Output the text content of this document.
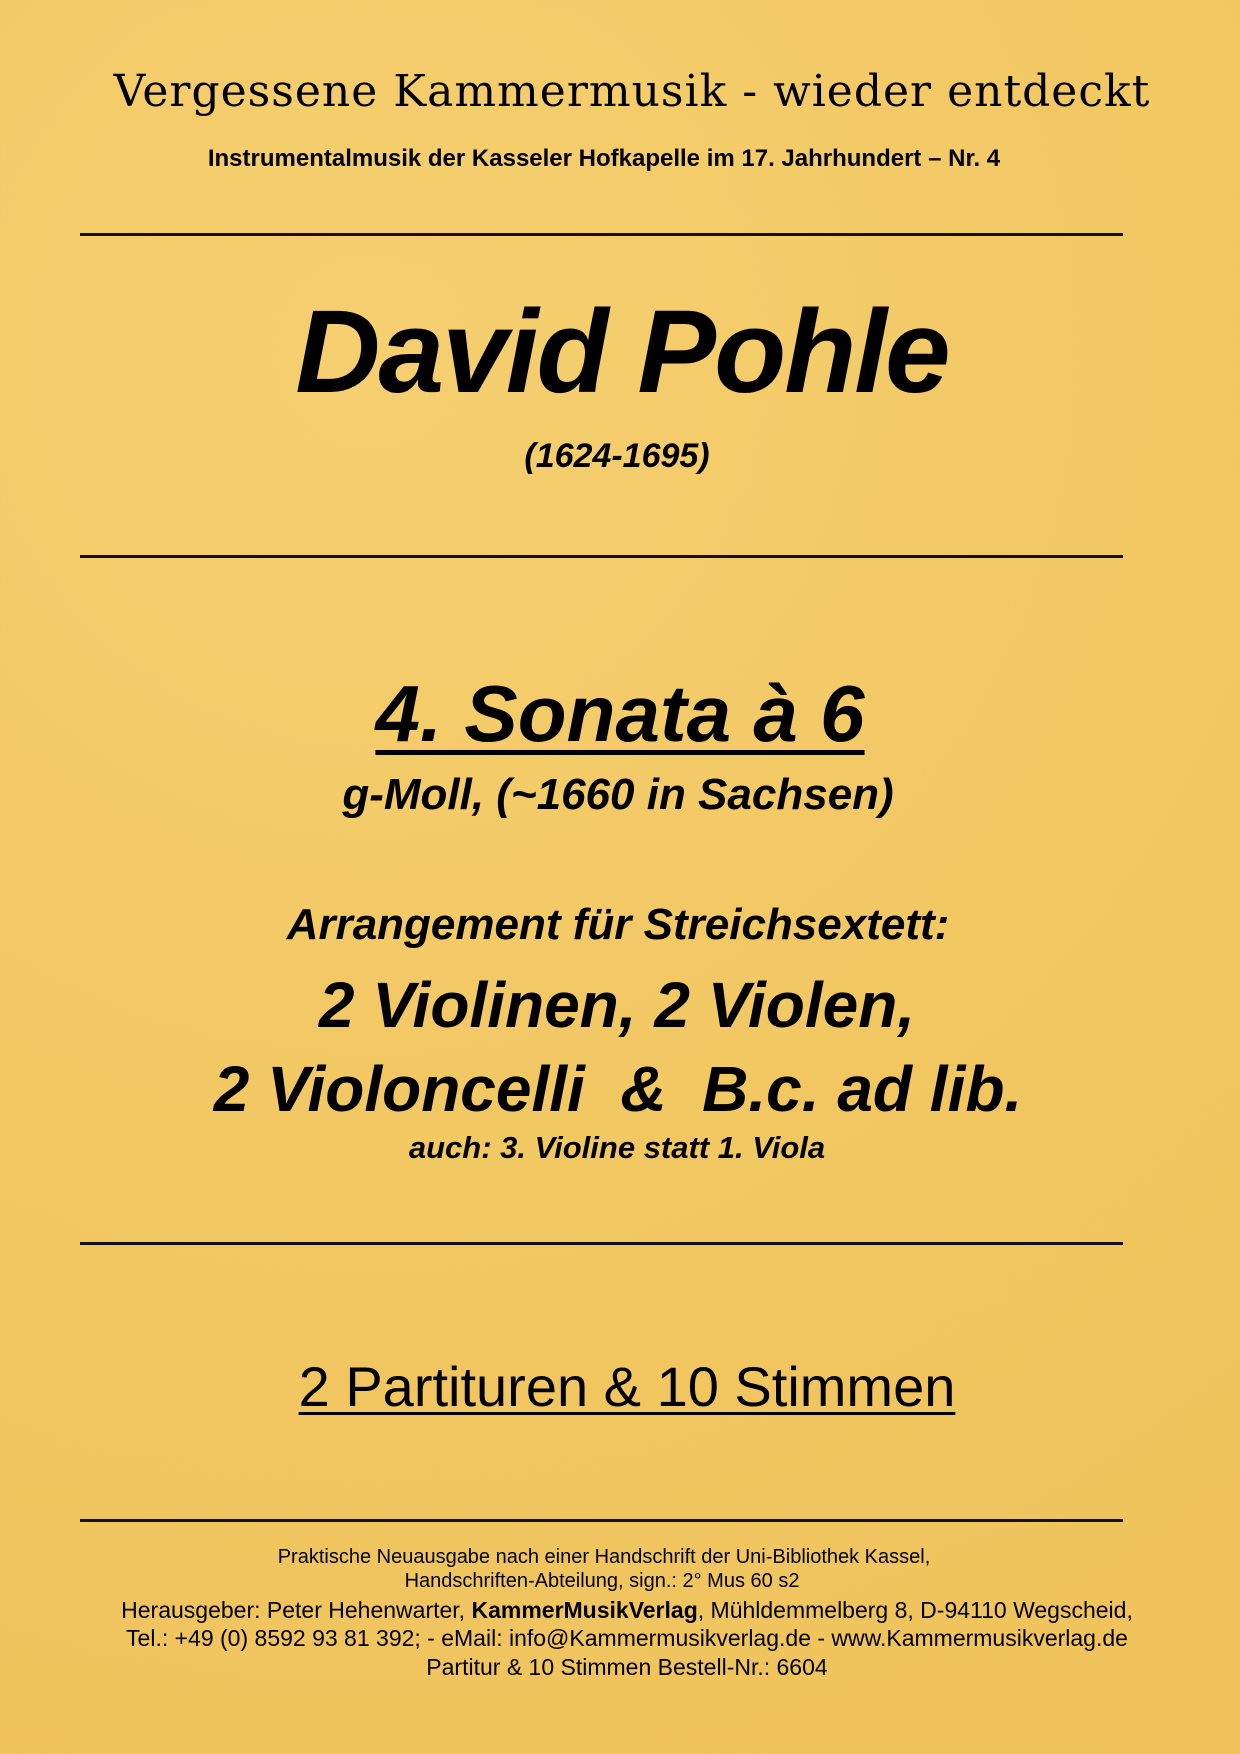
Vergessene Kammermusik - wieder entdeckt
Instrumentalmusik der Kasseler Hofkapelle im 17. Jahrhundert – Nr. 4
David Pohle
(1624-1695)
4. Sonata à 6
g-Moll, (~1660 in Sachsen)
Arrangement für Streichsextett:
2 Violinen, 2 Violen,
2 Violoncelli  &  B.c. ad lib.
auch: 3. Violine statt 1. Viola
2 Partituren & 10 Stimmen
Praktische Neuausgabe nach einer Handschrift der Uni-Bibliothek Kassel,
Handschriften-Abteilung, sign.: 2° Mus 60 s2
Herausgeber: Peter Hehenwarter, KammerMusikVerlag, Mühldemmelberg 8, D-94110 Wegscheid,
Tel.: +49 (0) 8592 93 81 392; - eMail: info@Kammermusikverlag.de - www.Kammermusikverlag.de
Partitur & 10 Stimmen Bestell-Nr.: 6604
